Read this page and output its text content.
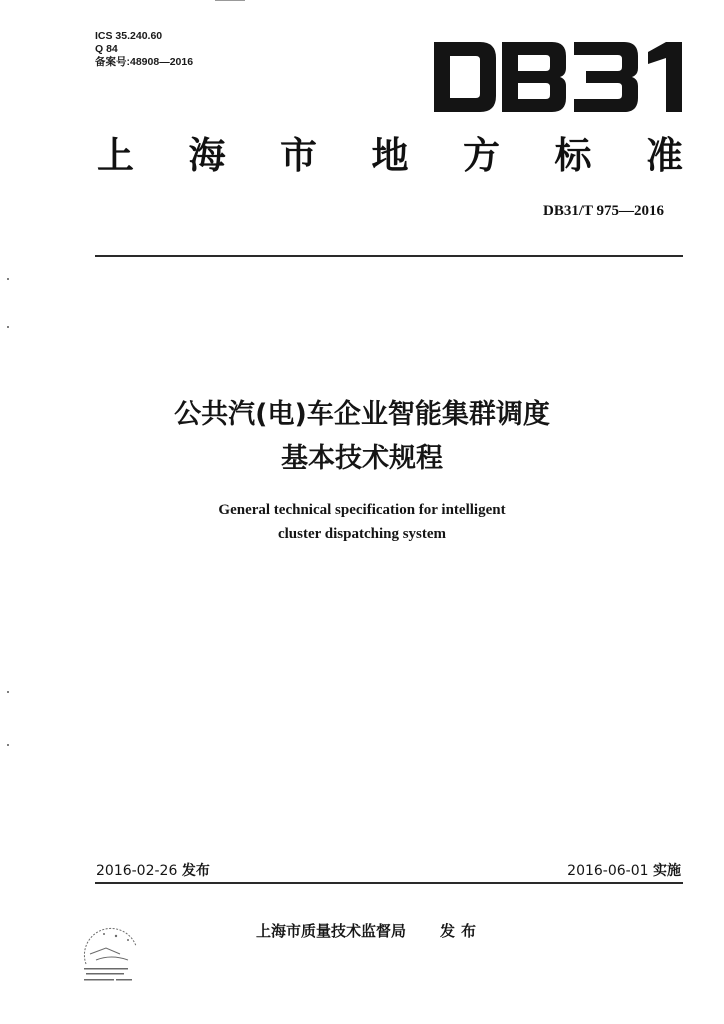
ICS 35.240.60
Q 84
备案号:48908—2016
上 海 市 地 方 标 准
DB31/T 975—2016
公共汽(电)车企业智能集群调度
基本技术规程
General technical specification for intelligent
cluster dispatching system
2016-02-26 发布	2016-06-01 实施
上海市质量技术监督局 发布
